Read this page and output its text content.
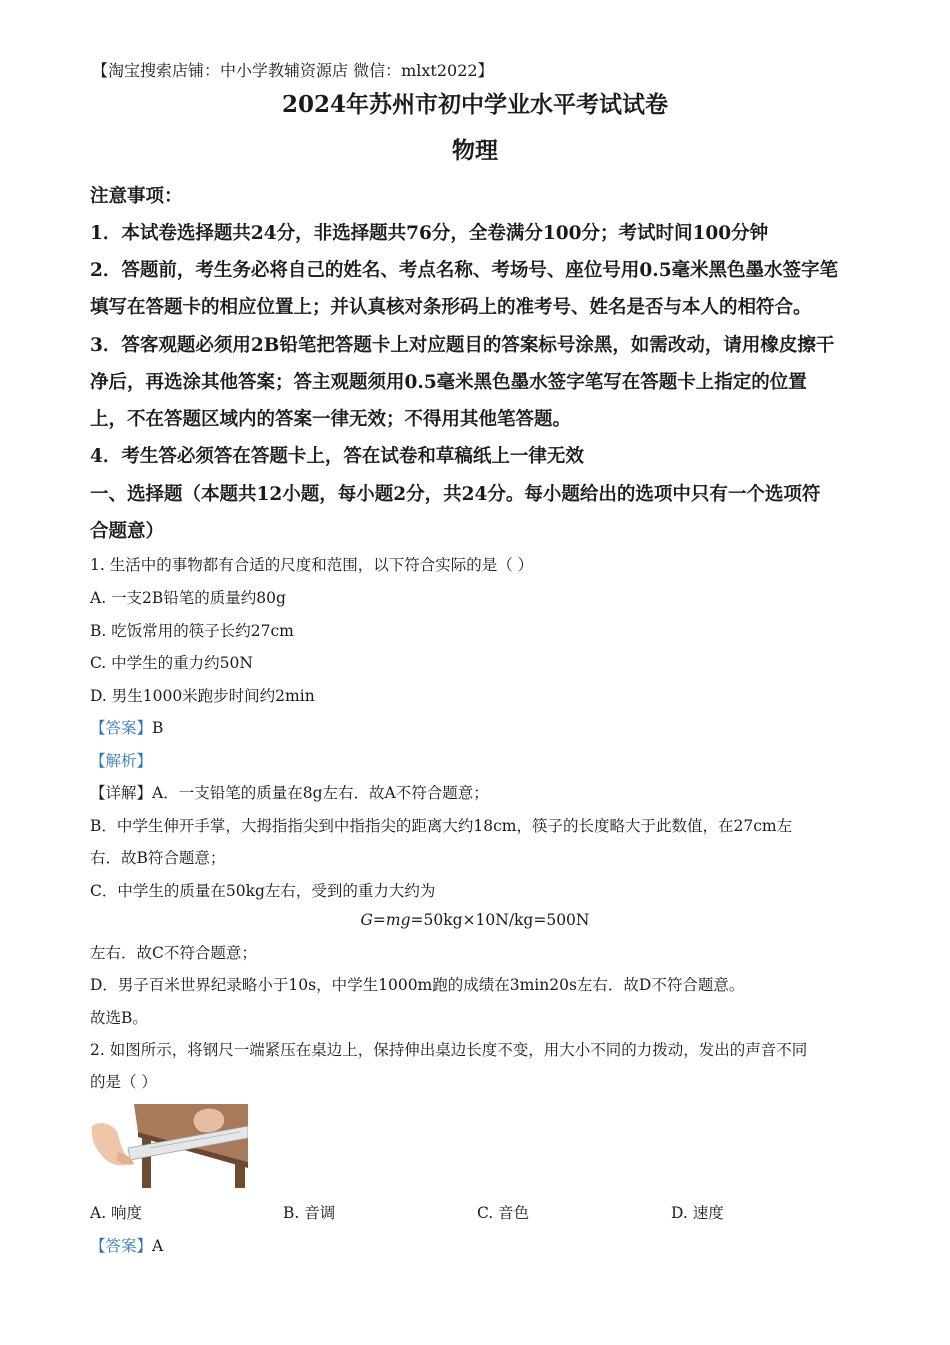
【淘宝搜索店铺：中小学教辅资源店 微信：mlxt2022】
2024年苏州市初中学业水平考试试卷
物理
注意事项：
1．本试卷选择题共24分，非选择题共76分，全卷满分100分；考试时间100分钟
2．答题前，考生务必将自己的姓名、考点名称、考场号、座位号用0.5毫米黑色墨水签字笔
填写在答题卡的相应位置上；并认真核对条形码上的准考号、姓名是否与本人的相符合。
3．答客观题必须用2B铅笔把答题卡上对应题目的答案标号涂黑，如需改动，请用橡皮擦干
净后，再选涂其他答案；答主观题须用0.5毫米黑色墨水签字笔写在答题卡上指定的位置
上，不在答题区域内的答案一律无效；不得用其他笔答题。
4．考生答必须答在答题卡上，答在试卷和草稿纸上一律无效
一、选择题（本题共12小题，每小题2分，共24分。每小题给出的选项中只有一个选项符
合题意）
1. 生活中的事物都有合适的尺度和范围，以下符合实际的是（ ）
A. 一支2B铅笔的质量约80g
B. 吃饭常用的筷子长约27cm
C. 中学生的重力约50N
D. 男生1000米跑步时间约2min
【答案】B
【解析】
【详解】A．一支铅笔的质量在8g左右．故A不符合题意；
B．中学生伸开手掌，大拇指指尖到中指指尖的距离大约18cm，筷子的长度略大于此数值，在27cm左
右．故B符合题意；
C．中学生的质量在50kg左右，受到的重力大约为
G=mg=50kg×10N/kg=500N
左右．故C不符合题意；
D．男子百米世界纪录略小于10s，中学生1000m跑的成绩在3min20s左右．故D不符合题意。
故选B。
2. 如图所示，将钢尺一端紧压在桌边上，保持伸出桌边长度不变，用大小不同的力拨动，发出的声音不同
的是（ ）
A. 响度	B. 音调	C. 音色	D. 速度
【答案】A
